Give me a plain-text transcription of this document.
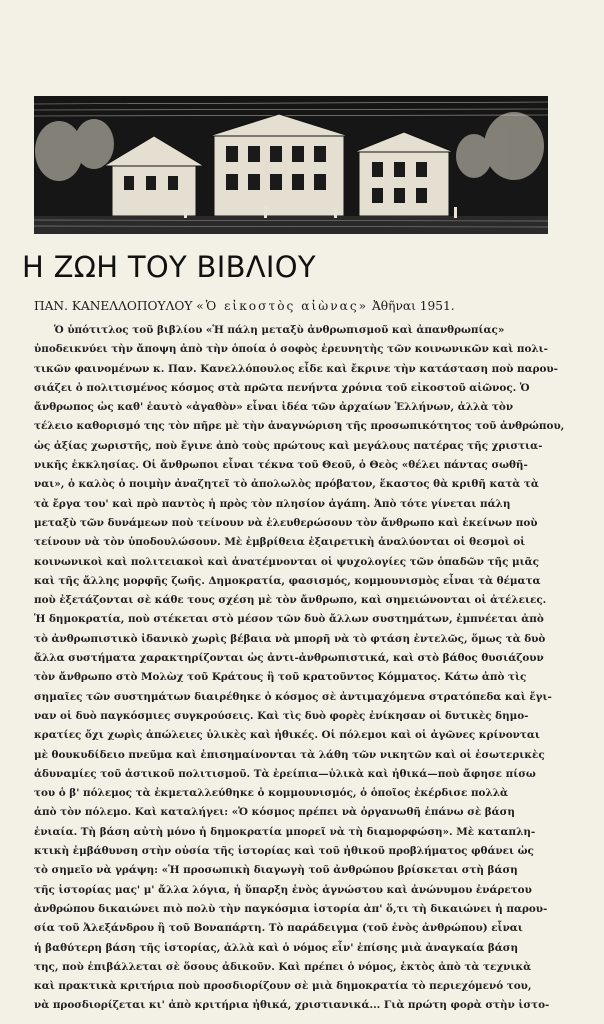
Η ΖΩΗ ΤΟΥ ΒΙΒΛΙΟΥ
ΠΑΝ. ΚΑΝΕΛΛΟΠΟΥΛΟΥ «Ὁ εἰκοστὸς αἰὼνας» Ἀθῆναι 1951.
Ὁ ὑπότιτλος τοῦ βιβλίου «Ἡ πάλη μεταξὺ ἀνθρωπισμοῦ καὶ ἀπανθρωπίας»
ὑποδεικνύει τὴν ἄποψη ἀπὸ τὴν ὁποία ὁ σοφὸς ἐρευνητὴς τῶν κοινωνικῶν καὶ πολι-
τικῶν φαινομένων κ. Παν. Κανελλόπουλος εἶδε καὶ ἔκρινε τὴν κατάσταση ποὺ παρου-
σιάζει ὁ πολιτισμένος κόσμος στὰ πρῶτα πενήντα χρόνια τοῦ εἰκοστοῦ αἰῶνος. Ὁ
ἄνθρωπος ὡς καθ' ἑαυτὸ «ἀγαθὸν» εἶναι ἰδέα τῶν ἀρχαίων Ἑλλήνων, ἀλλὰ τὸν
τέλειο καθορισμό της τὸν πῆρε μὲ τὴν ἀναγνώριση τῆς προσωπικότητος τοῦ ἀνθρώπου,
ὡς ἀξίας χωριστῆς, ποὺ ἔγινε ἀπὸ τοὺς πρώτους καὶ μεγάλους πατέρας τῆς χριστια-
νικῆς ἐκκλησίας. Οἱ ἄνθρωποι εἶναι τέκνα τοῦ Θεοῦ, ὁ Θεὸς «θέλει πάντας σωθῆ-
ναι», ὁ καλὸς ὁ ποιμὴν ἀναζητεῖ τὸ ἀπολωλὸς πρόβατον, ἕκαστος θὰ κριθῆ κατὰ τὰ
τὰ ἔργα του' καὶ πρὸ παντὸς ἡ πρὸς τὸν πλησίον ἀγάπη. Ἀπὸ τότε γίνεται πάλη
μεταξὺ τῶν δυνάμεων ποὺ τείνουν νὰ ἐλευθερώσουν τὸν ἄνθρωπο καὶ ἐκείνων ποὺ
τείνουν νὰ τὸν ὑποδουλώσουν. Μὲ ἐμβρίθεια ἐξαιρετικὴ ἀναλύονται οἱ θεσμοὶ οἱ
κοινωνικοὶ καὶ πολιτειακοὶ καὶ ἀνατέμνονται οἱ ψυχολογίες τῶν ὁπαδῶν τῆς μιᾶς
καὶ τῆς ἄλλης μορφῆς ζωῆς. Δημοκρατία, φασισμός, κομμουνισμὸς εἶναι τὰ θέματα
ποὺ ἐξετάζονται σὲ κάθε τους σχέση μὲ τὸν ἄνθρωπο, καὶ σημειώνονται οἱ ἀτέλειες.
Ἡ δημοκρατία, ποὺ στέκεται στὸ μέσον τῶν δυὸ ἄλλων συστημάτων, ἐμπνέεται ἀπὸ
τὸ ἀνθρωπιστικὸ ἰδανικὸ χωρὶς βέβαια νὰ μπορῆ νὰ τὸ φτάση ἐντελῶς, ὅμως τὰ δυὸ
ἄλλα συστήματα χαρακτηρίζονται ὡς ἀντι-ἀνθρωπιστικά, καὶ στὸ βάθος θυσιάζουν
τὸν ἄνθρωπο στὸ Μολὼχ τοῦ Κράτους ἢ τοῦ κρατοῦντος Κόμματος. Κάτω ἀπὸ τὶς
σημαῖες τῶν συστημάτων διαιρέθηκε ὁ κόσμος σὲ ἀντιμαχόμενα στρατόπεδα καὶ ἔγι-
ναν οἱ δυὸ παγκόσμιες συγκρούσεις. Καὶ τὶς δυὸ φορὲς ἐνίκησαν οἱ δυτικὲς δημο-
κρατίες ὄχι χωρὶς ἀπώλειες ὑλικὲς καὶ ἠθικές. Οἱ πόλεμοι καὶ οἱ ἀγῶνες κρίνονται
μὲ θουκυδίδειο πνεῦμα καὶ ἐπισημαίνονται τὰ λάθη τῶν νικητῶν καὶ οἱ ἐσωτερικὲς
ἀδυναμίες τοῦ ἀστικοῦ πολιτισμοῦ. Τὰ ἐρείπια—ὑλικὰ καὶ ἠθικά—ποὺ ἄφησε πίσω
του ὁ β' πόλεμος τὰ ἐκμεταλλεύθηκε ὁ κομμουνισμός, ὁ ὁποῖος ἐκέρδισε πολλὰ
ἀπὸ τὸν πόλεμο. Καὶ καταλήγει: «Ὁ κόσμος πρέπει νὰ ὀργανωθῆ ἐπάνω σὲ βάση
ἑνιαία. Τὴ βάση αὐτὴ μόνο ἡ δημοκρατία μπορεῖ νὰ τὴ διαμορφώση». Μὲ καταπλη-
κτικὴ ἐμβάθυνση στὴν οὐσία τῆς ἱστορίας καὶ τοῦ ἠθικοῦ προβλήματος φθάνει ὡς
τὸ σημεῖο νὰ γράψη: «Ἡ προσωπικὴ διαγωγὴ τοῦ ἀνθρώπου βρίσκεται στὴ βάση
τῆς ἱστορίας μας' μ' ἄλλα λόγια, ἡ ὕπαρξη ἑνὸς ἀγνώστου καὶ ἀνώνυμου ἐνάρετου
ἀνθρώπου δικαιώνει πιὸ πολὺ τὴν παγκόσμια ἱστορία ἀπ' ὅ,τι τὴ δικαιώνει ἡ παρου-
σία τοῦ Ἀλεξάνδρου ἢ τοῦ Βοναπάρτη. Τὸ παράδειγμα (τοῦ ἑνὸς ἀνθρώπου) εἶναι
ἡ βαθύτερη βάση τῆς ἱστορίας, ἀλλὰ καὶ ὁ νόμος εἶν' ἐπίσης μιὰ ἀναγκαία βάση
της, ποὺ ἐπιβάλλεται σὲ ὅσους ἀδικοῦν. Καὶ πρέπει ὁ νόμος, ἐκτὸς ἀπὸ τὰ τεχνικὰ
καὶ πρακτικὰ κριτήρια ποὺ προσδιορίζουν σὲ μιὰ δημοκρατία τὸ περιεχόμενό του,
νὰ προσδιορίζεται κι' ἀπὸ κριτήρια ἠθικά, χριστιανικά... Γιὰ πρώτη φορὰ στὴν ἱστο-
